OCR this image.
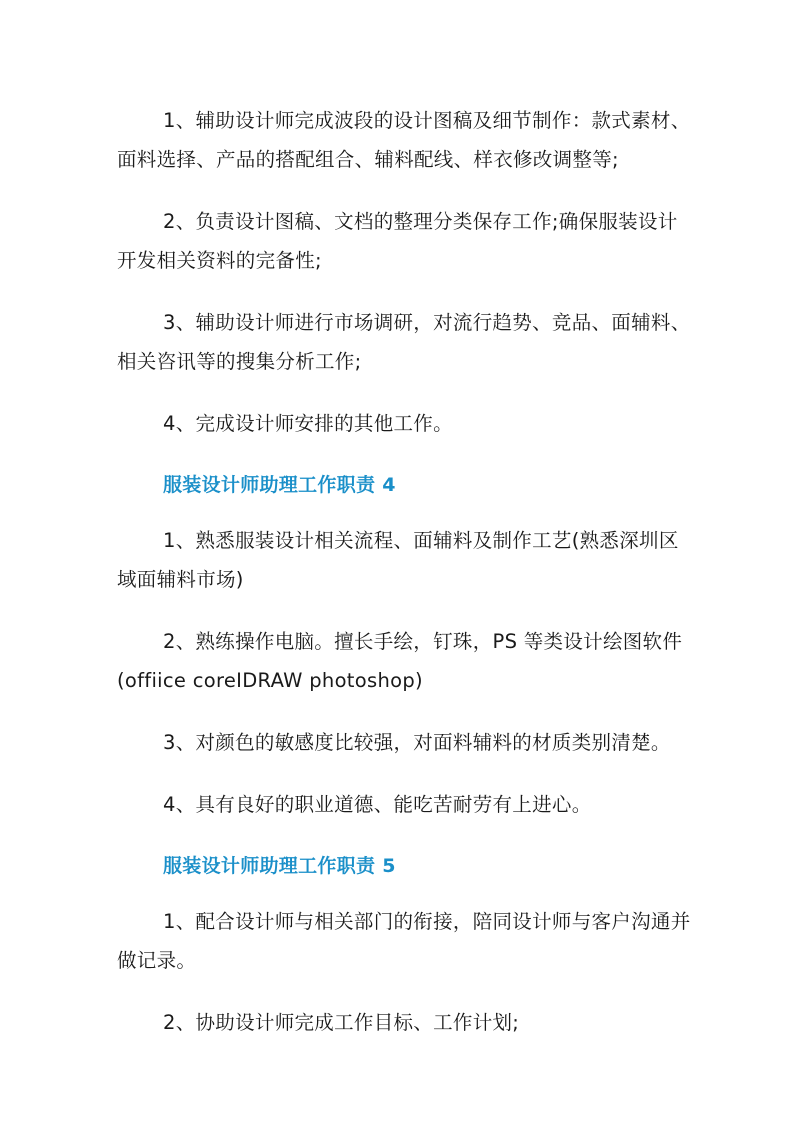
1、辅助设计师完成波段的设计图稿及细节制作：款式素材、面料选择、产品的搭配组合、辅料配线、样衣修改调整等;

2、负责设计图稿、文档的整理分类保存工作;确保服装设计开发相关资料的完备性;

3、辅助设计师进行市场调研，对流行趋势、竞品、面辅料、相关咨讯等的搜集分析工作;

4、完成设计师安排的其他工作。

服装设计师助理工作职责 4

1、熟悉服装设计相关流程、面辅料及制作工艺(熟悉深圳区域面辅料市场)

2、熟练操作电脑。擅长手绘，钉珠，PS 等类设计绘图软件(offiice coreIDRAW photoshop)

3、对颜色的敏感度比较强，对面料辅料的材质类别清楚。

4、具有良好的职业道德、能吃苦耐劳有上进心。

服装设计师助理工作职责 5

1、配合设计师与相关部门的衔接，陪同设计师与客户沟通并做记录。

2、协助设计师完成工作目标、工作计划;
